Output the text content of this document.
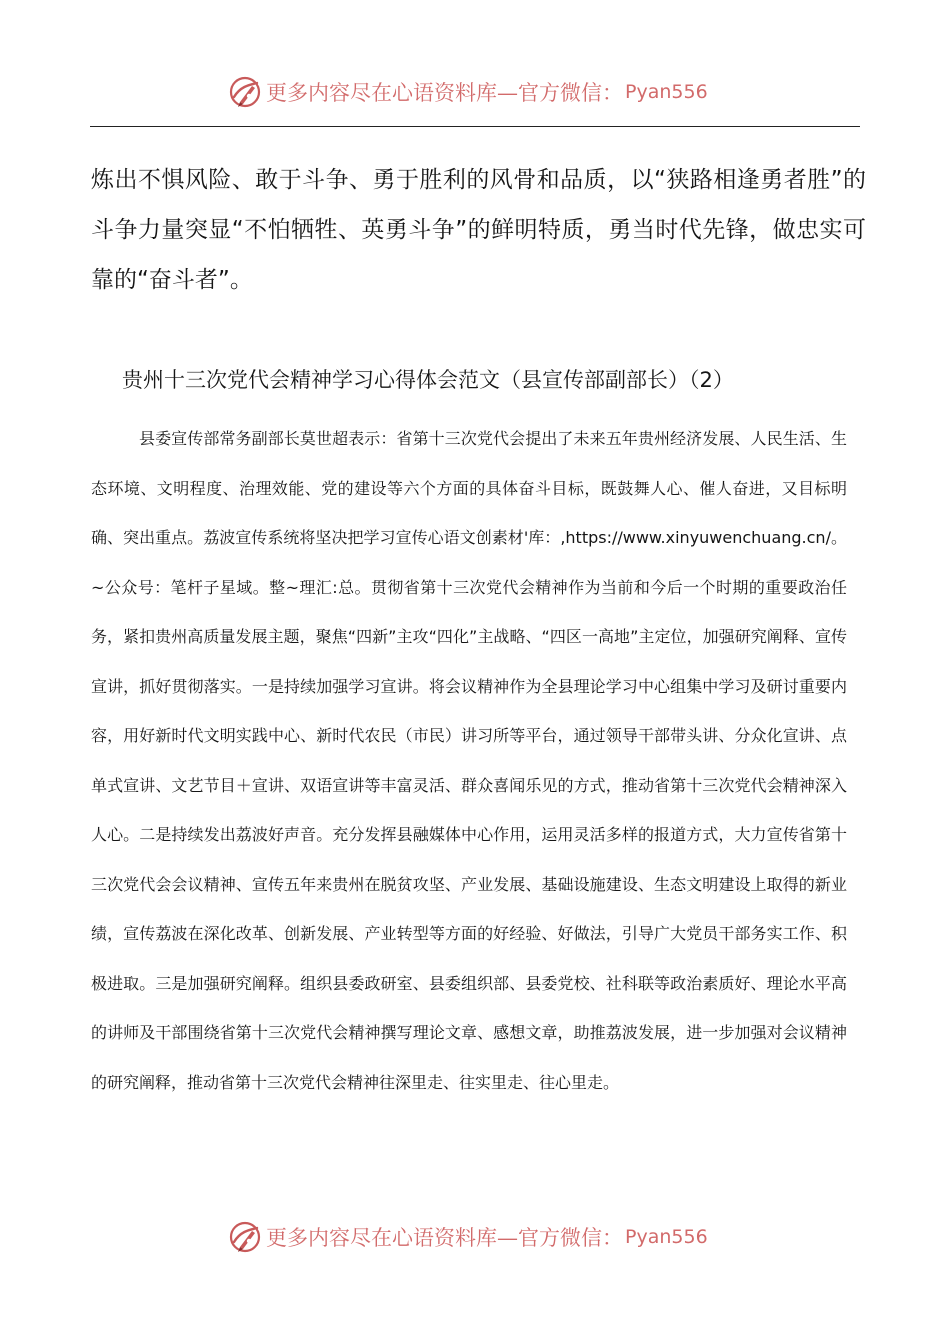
更多内容尽在心语资料库—官方微信： Pyan556

炼出不惧风险、敢于斗争、勇于胜利的风骨和品质，以“狭路相逢勇者胜”的斗争力量突显“不怕牺牲、英勇斗争”的鲜明特质，勇当时代先锋，做忠实可靠的“奋斗者”。

贵州十三次党代会精神学习心得体会范文（县宣传部副部长）（2）

县委宣传部常务副部长莫世超表示：省第十三次党代会提出了未来五年贵州经济发展、人民生活、生态环境、文明程度、治理效能、党的建设等六个方面的具体奋斗目标，既鼓舞人心、催人奋进，又目标明确、突出重点。荔波宣传系统将坚决把学习宣传心语文创素材'库：,https://www.xinyuwenchuang.cn/。~公众号：笔杆子星域。整~理汇:总。贯彻省第十三次党代会精神作为当前和今后一个时期的重要政治任务，紧扣贵州高质量发展主题，聚焦“四新”主攻“四化”主战略、“四区一高地”主定位，加强研究阐释、宣传宣讲，抓好贯彻落实。一是持续加强学习宣讲。将会议精神作为全县理论学习中心组集中学习及研讨重要内容，用好新时代文明实践中心、新时代农民（市民）讲习所等平台，通过领导干部带头讲、分众化宣讲、点单式宣讲、文艺节目＋宣讲、双语宣讲等丰富灵活、群众喜闻乐见的方式，推动省第十三次党代会精神深入人心。二是持续发出荔波好声音。充分发挥县融媒体中心作用，运用灵活多样的报道方式，大力宣传省第十三次党代会会议精神、宣传五年来贵州在脱贫攻坚、产业发展、基础设施建设、生态文明建设上取得的新业绩，宣传荔波在深化改革、创新发展、产业转型等方面的好经验、好做法，引导广大党员干部务实工作、积极进取。三是加强研究阐释。组织县委政研室、县委组织部、县委党校、社科联等政治素质好、理论水平高的讲师及干部围绕省第十三次党代会精神撰写理论文章、感想文章，助推荔波发展，进一步加强对会议精神的研究阐释，推动省第十三次党代会精神往深里走、往实里走、往心里走。

更多内容尽在心语资料库—官方微信： Pyan556
